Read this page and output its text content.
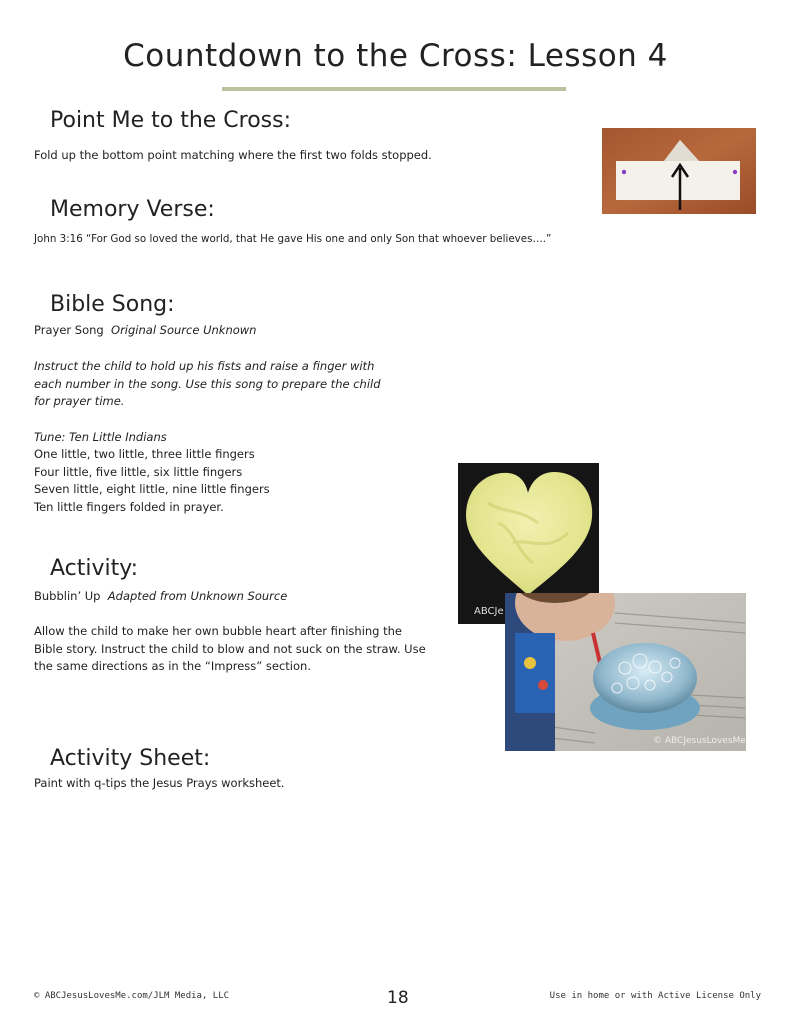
Countdown to the Cross: Lesson 4
Point Me to the Cross:
Fold up the bottom point matching where the first two folds stopped.
Memory Verse:
John 3:16 “For God so loved the world, that He gave His one and only Son that whoever believes….”
Bible Song:
Prayer Song Original Source Unknown
Instruct the child to hold up his fists and raise a finger with
each number in the song. Use this song to prepare the child
for prayer time.
Tune: Ten Little Indians
One little, two little, three little fingers
Four little, five little, six little fingers
Seven little, eight little, nine little fingers
Ten little fingers folded in prayer.
ABCJe
© ABCJesusLovesMe
Activity:
Bubblin’ Up Adapted from Unknown Source
Allow the child to make her own bubble heart after finishing the
Bible story. Instruct the child to blow and not suck on the straw. Use
the same directions as in the “Impress” section.
Activity Sheet:
Paint with q-tips the Jesus Prays worksheet.
© ABCJesusLovesMe.com/JLM Media, LLC	18	Use in home or with Active License Only
